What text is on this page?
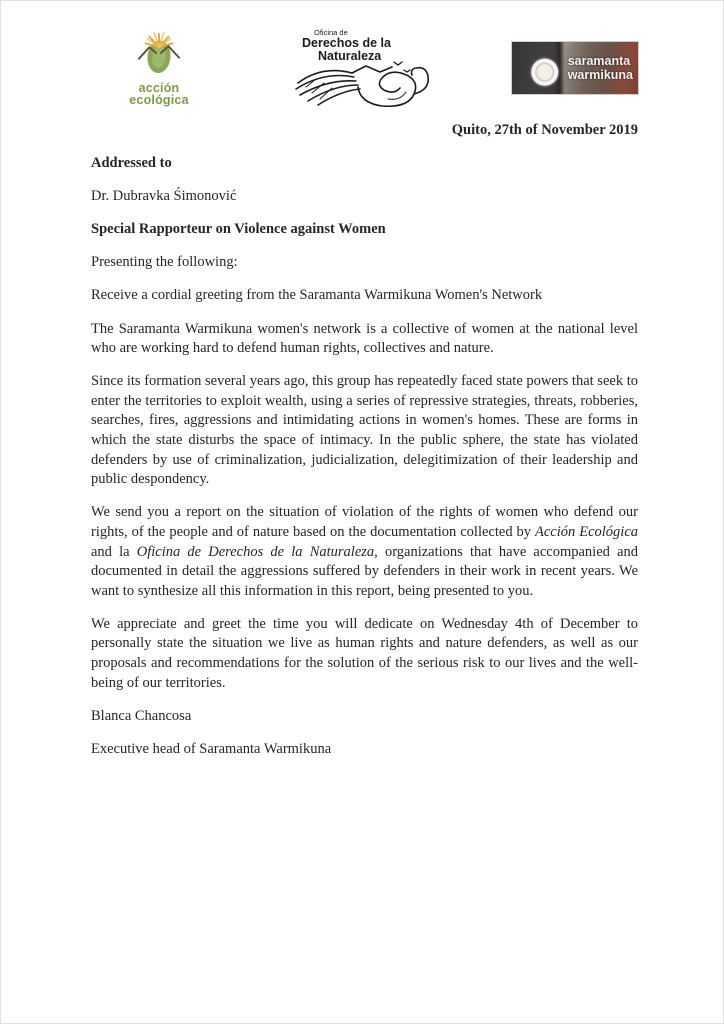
acción
ecológica
Oficina de
Derechos de la
Naturaleza	saramanta
warmikuna

Quito, 27th of November 2019

Addressed to

Dr. Dubravka Śimonović

Special Rapporteur on Violence against Women

Presenting the following:

Receive a cordial greeting from the Saramanta Warmikuna Women's Network

The Saramanta Warmikuna women's network is a collective of women at the national level who are working hard to defend human rights, collectives and nature.

Since its formation several years ago, this group has repeatedly faced state powers that seek to enter the territories to exploit wealth, using a series of repressive strategies, threats, robberies, searches, fires, aggressions and intimidating actions in women's homes. These are forms in which the state disturbs the space of intimacy. In the public sphere, the state has violated defenders by use of criminalization, judicialization, delegitimization of their leadership and public despondency.

We send you a report on the situation of violation of the rights of women who defend our rights, of the people and of nature based on the documentation collected by Acción Ecológica and la Oficina de Derechos de la Naturaleza, organizations that have accompanied and documented in detail the aggressions suffered by defenders in their work in recent years. We want to synthesize all this information in this report, being presented to you.

We appreciate and greet the time you will dedicate on Wednesday 4th of December to personally state the situation we live as human rights and nature defenders, as well as our proposals and recommendations for the solution of the serious risk to our lives and the well-being of our territories.

Blanca Chancosa

Executive head of Saramanta Warmikuna
